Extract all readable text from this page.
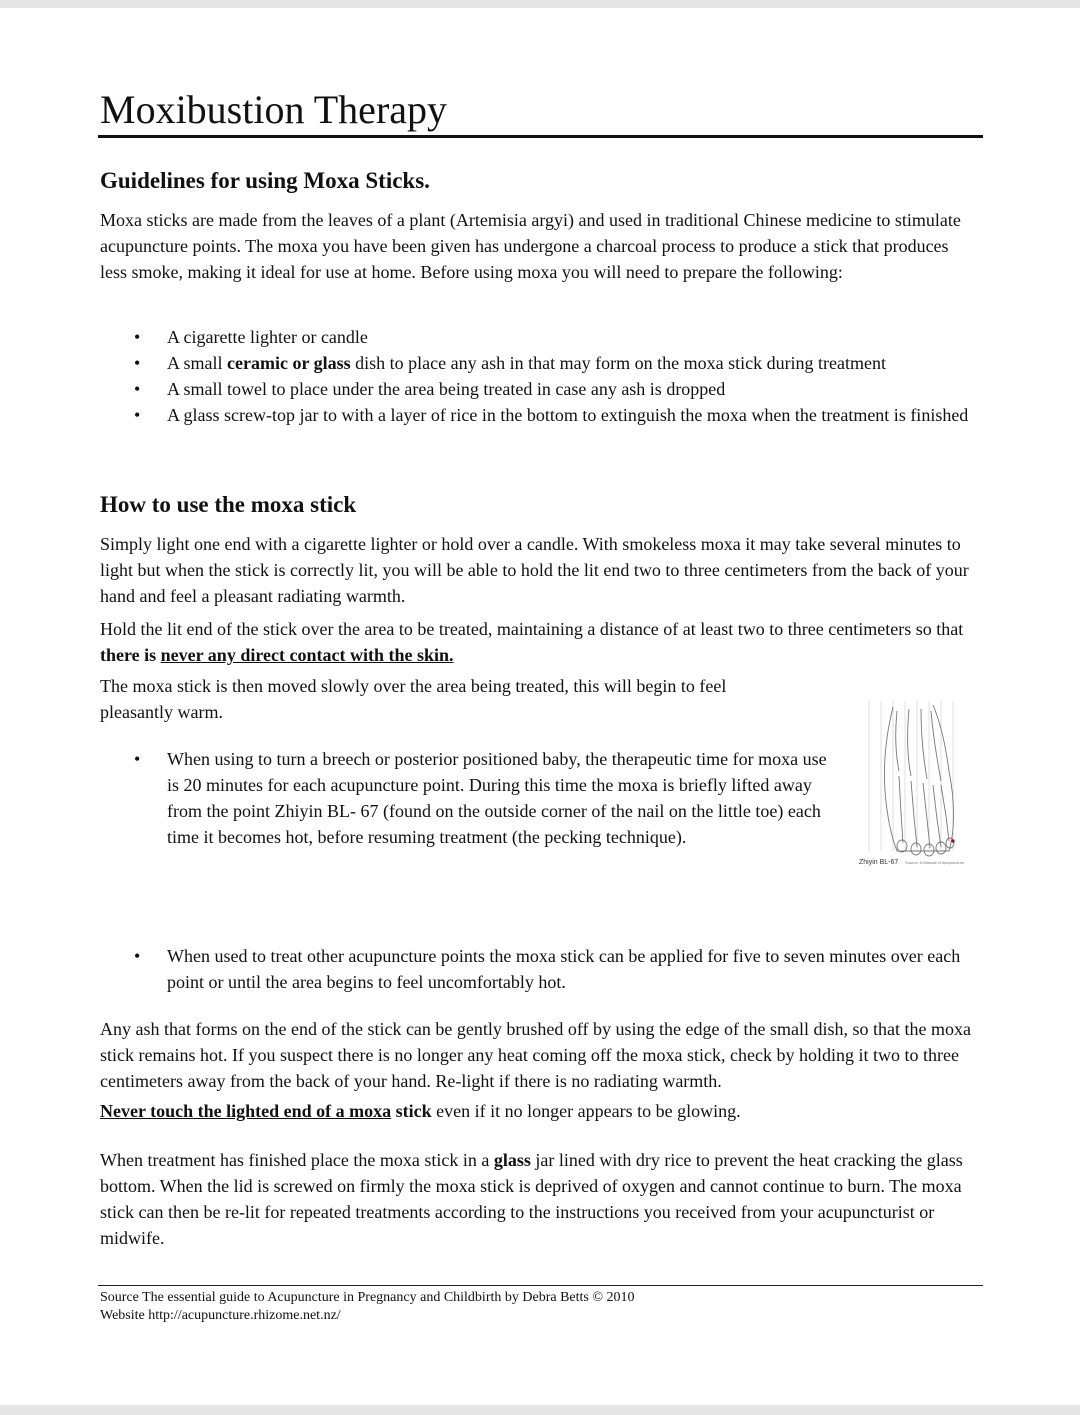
Moxibustion Therapy
Guidelines for using Moxa Sticks.

Moxa sticks are made from the leaves of a plant (Artemisia argyi) and used in traditional Chinese medicine to stimulate acupuncture points. The moxa you have been given has undergone a charcoal process to produce a stick that produces less smoke, making it ideal for use at home. Before using moxa you will need to prepare the following:

• A cigarette lighter or candle
• A small ceramic or glass dish to place any ash in that may form on the moxa stick during treatment
• A small towel to place under the area being treated in case any ash is dropped
• A glass screw-top jar to with a layer of rice in the bottom to extinguish the moxa when the treatment is finished
How to use the moxa stick

Simply light one end with a cigarette lighter or hold over a candle. With smokeless moxa it may take several minutes to light but when the stick is correctly lit, you will be able to hold the lit end two to three centimeters from the back of your hand and feel a pleasant radiating warmth.

Hold the lit end of the stick over the area to be treated, maintaining a distance of at least two to three centimeters so that there is never any direct contact with the skin.

The moxa stick is then moved slowly over the area being treated, this will begin to feel pleasantly warm.

• When using to turn a breech or posterior positioned baby, the therapeutic time for moxa use is 20 minutes for each acupuncture point. During this time the moxa is briefly lifted away from the point Zhiyin BL- 67 (found on the outside corner of the nail on the little toe) each time it becomes hot, before resuming treatment (the pecking technique).
Zhiyin BL-67 Source: A Manual of Acupuncture
• When used to treat other acupuncture points the moxa stick can be applied for five to seven minutes over each point or until the area begins to feel uncomfortably hot.

Any ash that forms on the end of the stick can be gently brushed off by using the edge of the small dish, so that the moxa stick remains hot. If you suspect there is no longer any heat coming off the moxa stick, check by holding it two to three centimeters away from the back of your hand. Re-light if there is no radiating warmth.

Never touch the lighted end of a moxa stick even if it no longer appears to be glowing.

When treatment has finished place the moxa stick in a glass jar lined with dry rice to prevent the heat cracking the glass bottom. When the lid is screwed on firmly the moxa stick is deprived of oxygen and cannot continue to burn. The moxa stick can then be re-lit for repeated treatments according to the instructions you received from your acupuncturist or midwife.

Source The essential guide to Acupuncture in Pregnancy and Childbirth by Debra Betts © 2010

Website http://acupuncture.rhizome.net.nz/
